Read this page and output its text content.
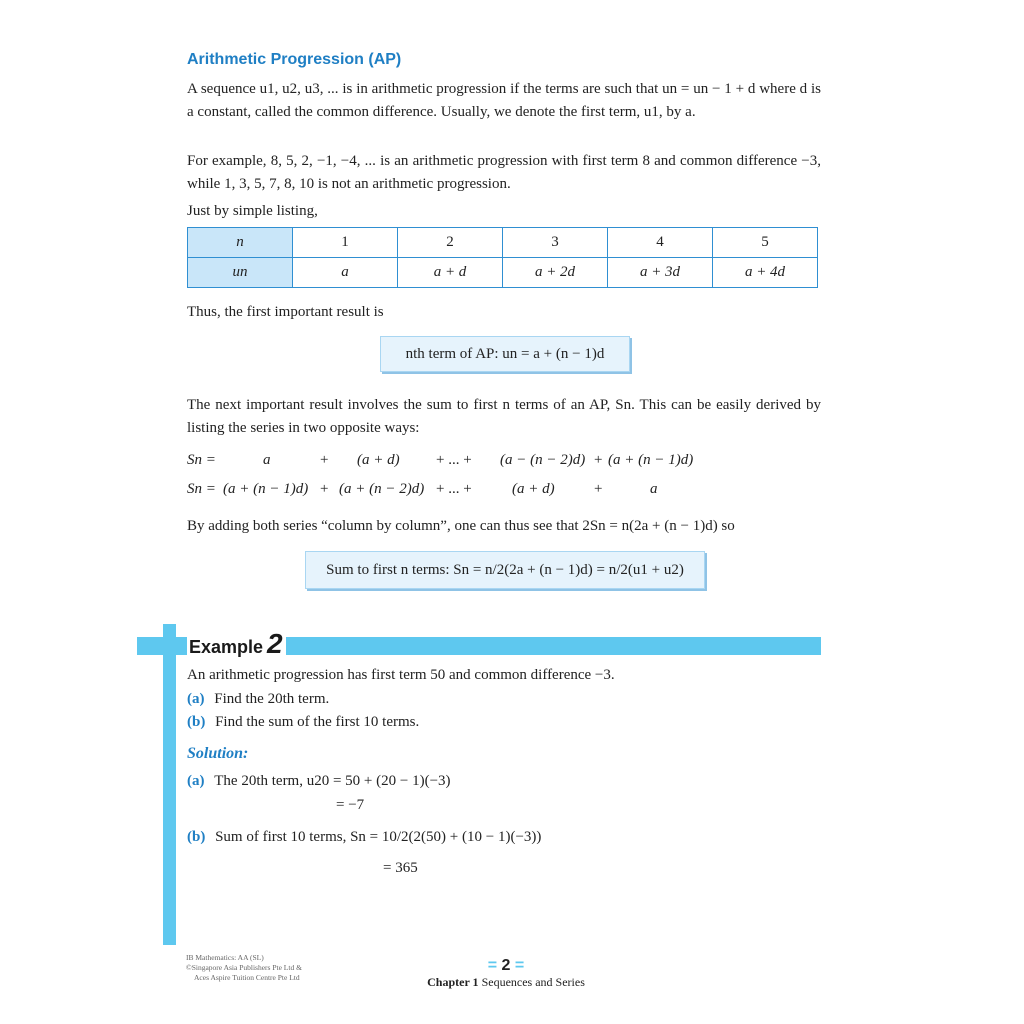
Arithmetic Progression (AP)

A sequence u1, u2, u3, ... is in arithmetic progression if the terms are such that un = un − 1 + d where d is a constant, called the common difference. Usually, we denote the first term, u1, by a.

For example, 8, 5, 2, −1, −4, ... is an arithmetic progression with first term 8 and common difference −3, while 1, 3, 5, 7, 8, 10 is not an arithmetic progression.

Just by simple listing,

n	1	2	3	4	5
un	a	a + d	a + 2d	a + 3d	a + 4d

Thus, the first important result is

nth term of AP: un = a + (n − 1)d

The next important result involves the sum to first n terms of an AP, Sn. This can be easily derived by listing the series in two opposite ways:

Sn =	a	+ (a + d) + ... + (a − (n − 2)d) + (a + (n − 1)d)
Sn = (a + (n − 1)d) + (a + (n − 2)d) + ... +	(a + d)	+	a

By adding both series “column by column”, one can thus see that 2Sn = n(2a + (n − 1)d) so

Sum to first n terms: Sn = n/2(2a + (n − 1)d) = n/2(u1 + u2)
Example 2

An arithmetic progression has first term 50 and common difference −3.

(a) Find the 20th term.
(b) Find the sum of the first 10 terms.
Solution:
(a) The 20th term, u20 = 50 + (20 − 1)(−3)
= −7
(b) Sum of first 10 terms, Sn = 10/2(2(50) + (10 − 1)(−3))
= 365
IB Mathematics: AA (SL)
©Singapore Asia Publishers Pte Ltd &
Aces Aspire Tuition Centre Pte Ltd
= 2 =
Chapter 1 Sequences and Series
